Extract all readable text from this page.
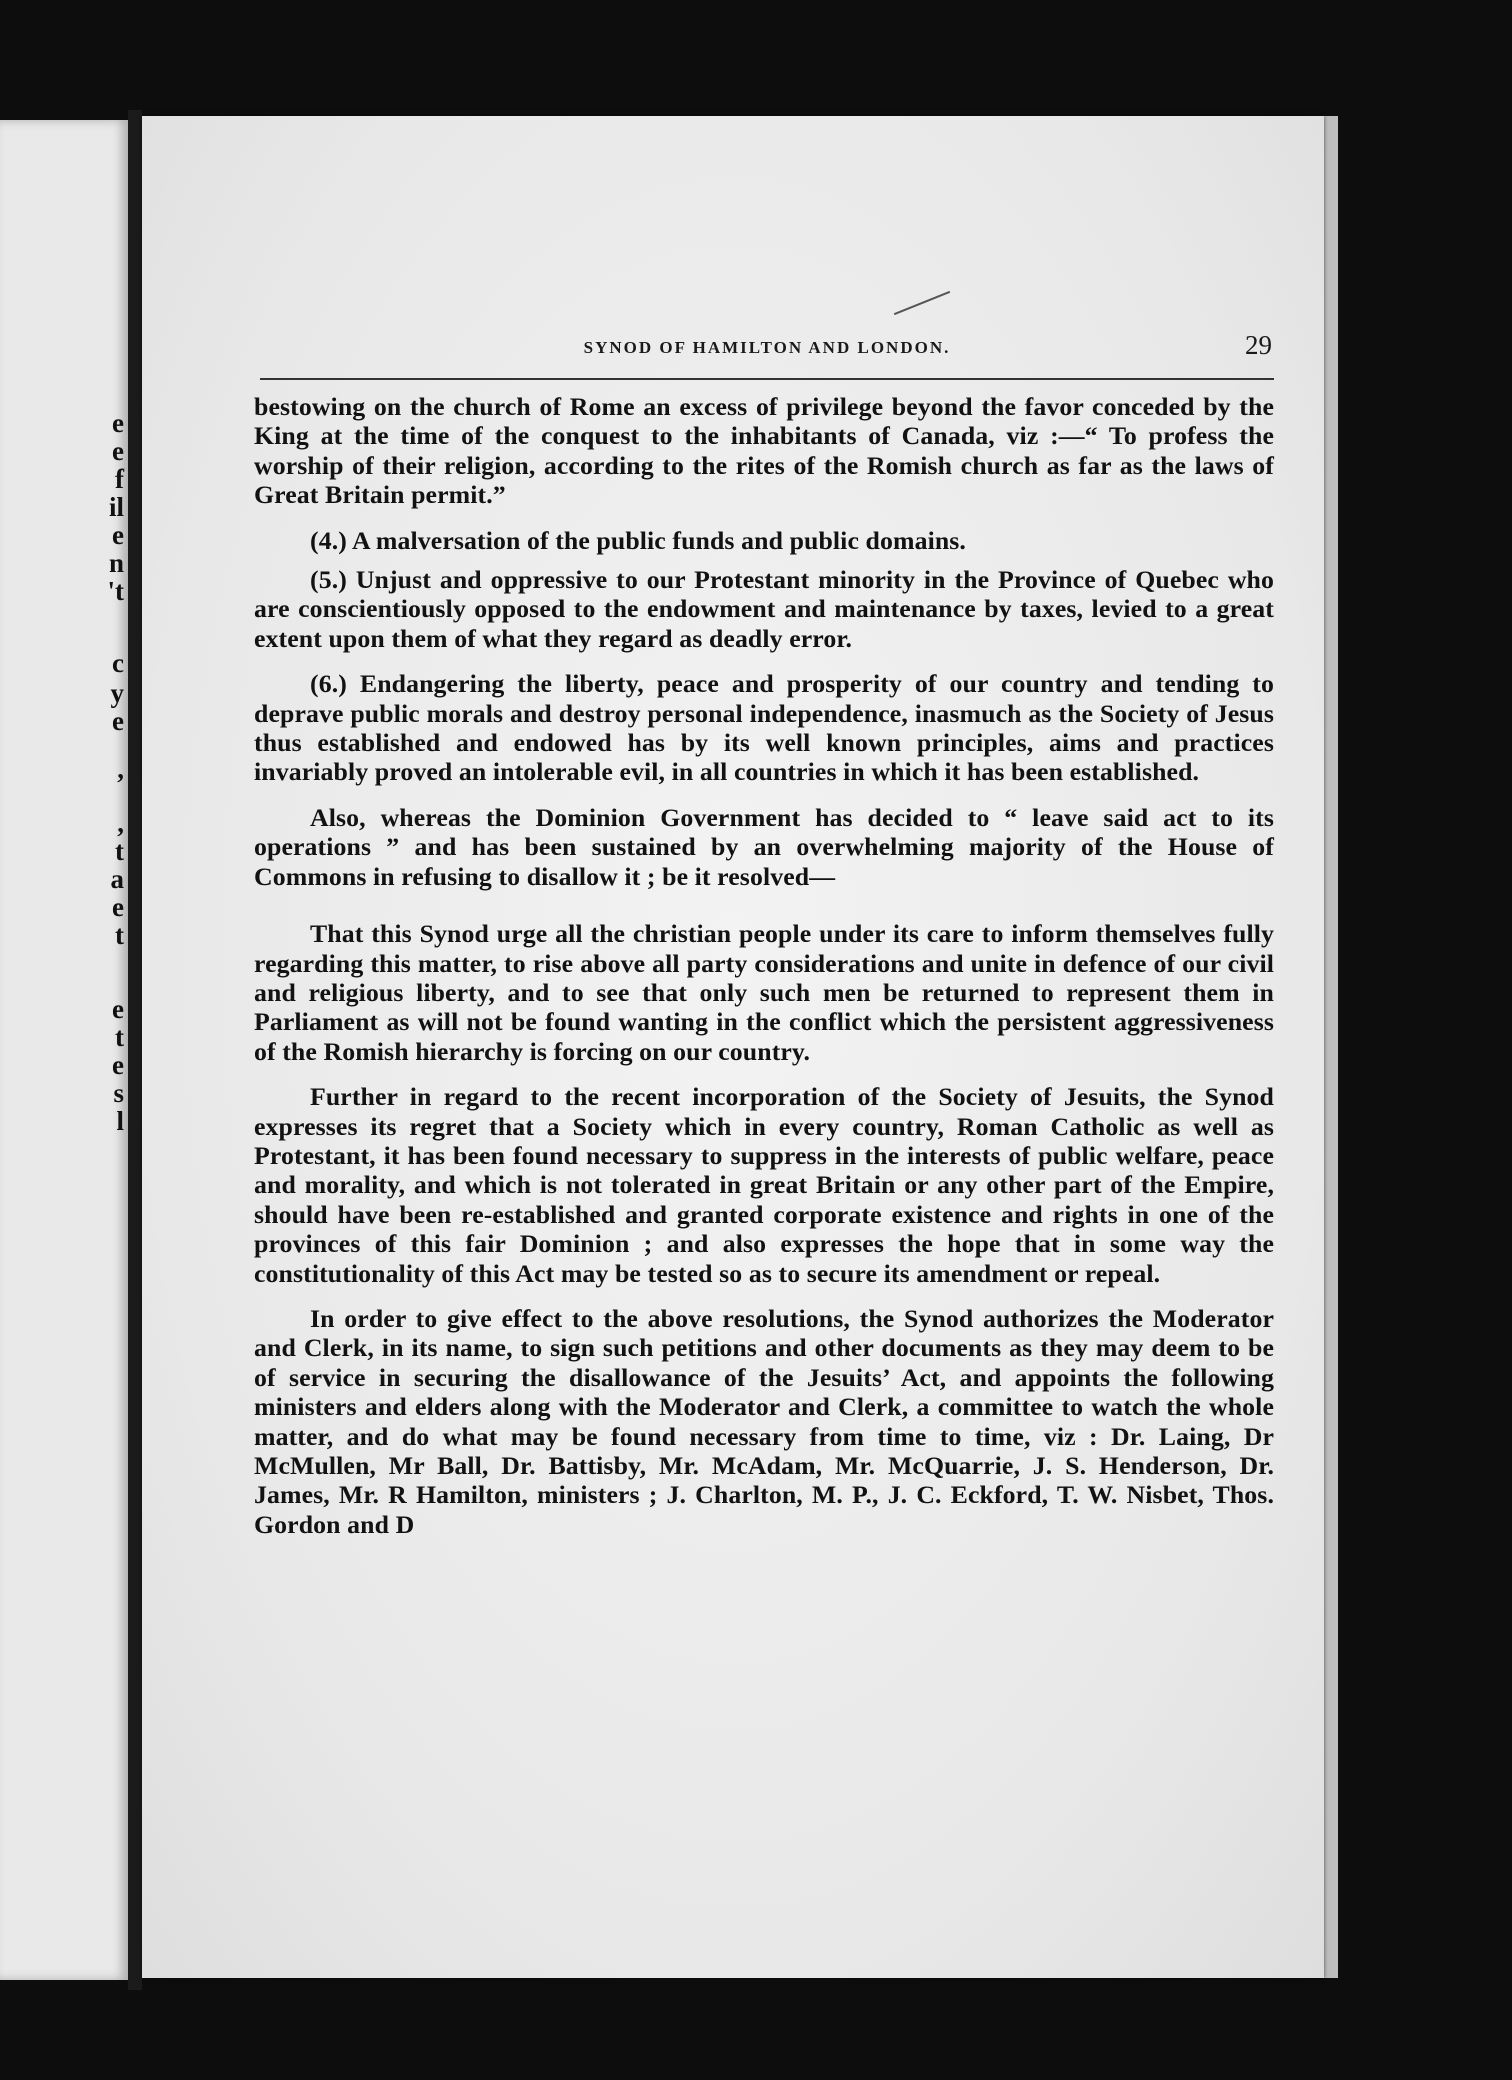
e
e
f
il
e
n
't
c
y
e
,
,
t
a
e
t
e
t
e
s
l
SYNOD OF HAMILTON AND LONDON.	29

bestowing on the church of Rome an excess of privilege beyond the favor conceded by the King at the time of the conquest to the inhabitants of Canada, viz :—“ To profess the worship of their religion, according to the rites of the Romish church as far as the laws of Great Britain permit.”

(4.) A malversation of the public funds and public domains.

(5.) Unjust and oppressive to our Protestant minority in the Province of Quebec who are conscientiously opposed to the endowment and maintenance by taxes, levied to a great extent upon them of what they regard as deadly error.

(6.) Endangering the liberty, peace and prosperity of our country and tending to deprave public morals and destroy personal independence, inasmuch as the Society of Jesus thus established and endowed has by its well known principles, aims and practices invariably proved an intolerable evil, in all countries in which it has been established.

Also, whereas the Dominion Government has decided to “ leave said act to its operations ” and has been sustained by an overwhelming majority of the House of Commons in refusing to disallow it ; be it resolved—

That this Synod urge all the christian people under its care to inform themselves fully regarding this matter, to rise above all party considerations and unite in defence of our civil and religious liberty, and to see that only such men be returned to represent them in Parliament as will not be found wanting in the conflict which the persistent aggressiveness of the Romish hierarchy is forcing on our country.

Further in regard to the recent incorporation of the Society of Jesuits, the Synod expresses its regret that a Society which in every country, Roman Catholic as well as Protestant, it has been found necessary to suppress in the interests of public welfare, peace and morality, and which is not tolerated in great Britain or any other part of the Empire, should have been re-established and granted corporate existence and rights in one of the provinces of this fair Dominion ; and also expresses the hope that in some way the constitutionality of this Act may be tested so as to secure its amendment or repeal.

In order to give effect to the above resolutions, the Synod authorizes the Moderator and Clerk, in its name, to sign such petitions and other documents as they may deem to be of service in securing the disallowance of the Jesuits’ Act, and appoints the following ministers and elders along with the Moderator and Clerk, a committee to watch the whole matter, and do what may be found necessary from time to time, viz : Dr. Laing, Dr McMullen, Mr Ball, Dr. Battisby, Mr. McAdam, Mr. McQuarrie, J. S. Henderson, Dr. James, Mr. R Hamilton, ministers ; J. Charlton, M. P., J. C. Eckford, T. W. Nisbet, Thos. Gordon and D
